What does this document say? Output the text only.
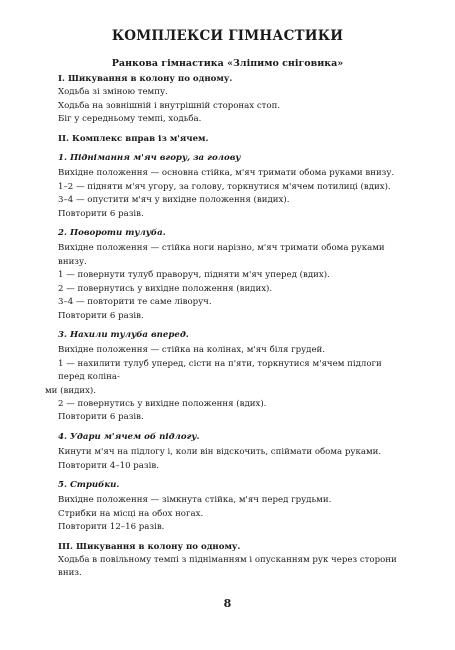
КОМПЛЕКСИ ГІМНАСТИКИ
Ранкова гімнастика «Зліпимо сніговика»

І. Шикування в колону по одному.

Ходьба зі зміною темпу.

Ходьба на зовнішній і внутрішній сторонах стоп.

Біг у середньому темпі, ходьба.

ІІ. Комплекс вправ із м'ячем.

1. Піднімання м'яч вгору, за голову

Вихідне положення — основна стійка, м'яч тримати обома руками внизу.

1–2 — підняти м'яч угору, за голову, торкнутися м'ячем потилиці (вдих).

3–4 — опустити м'яч у вихідне положення (видих).

Повторити 6 разів.

2. Повороти тулуба.

Вихідне положення — стійка ноги нарізно, м'яч тримати обома руками внизу.

1 — повернути тулуб праворуч, підняти м'яч уперед (вдих).

2 — повернутись у вихідне положення (видих).

3–4 — повторити те саме ліворуч.

Повторити 6 разів.

3. Нахили тулуба вперед.

Вихідне положення — стійка на колінах, м'яч біля грудей.

1 — нахилити тулуб уперед, сісти на п'яти, торкнутися м'ячем підлоги перед колінa-

ми (видих).

2 — повернутись у вихідне положення (вдих).

Повторити 6 разів.

4. Удари м'ячем об підлогу.

Кинути м'яч на підлогу і, коли він відскочить, спіймати обома руками.

Повторити 4–10 разів.

5. Стрибки.

Вихідне положення — зімкнута стійка, м'яч перед грудьми.

Стрибки на місці на обох ногах.

Повторити 12–16 разів.

ІІІ. Шикування в колону по одному.

Ходьба в повільному темпі з підніманням і опусканням рук через сторони вниз.

8
